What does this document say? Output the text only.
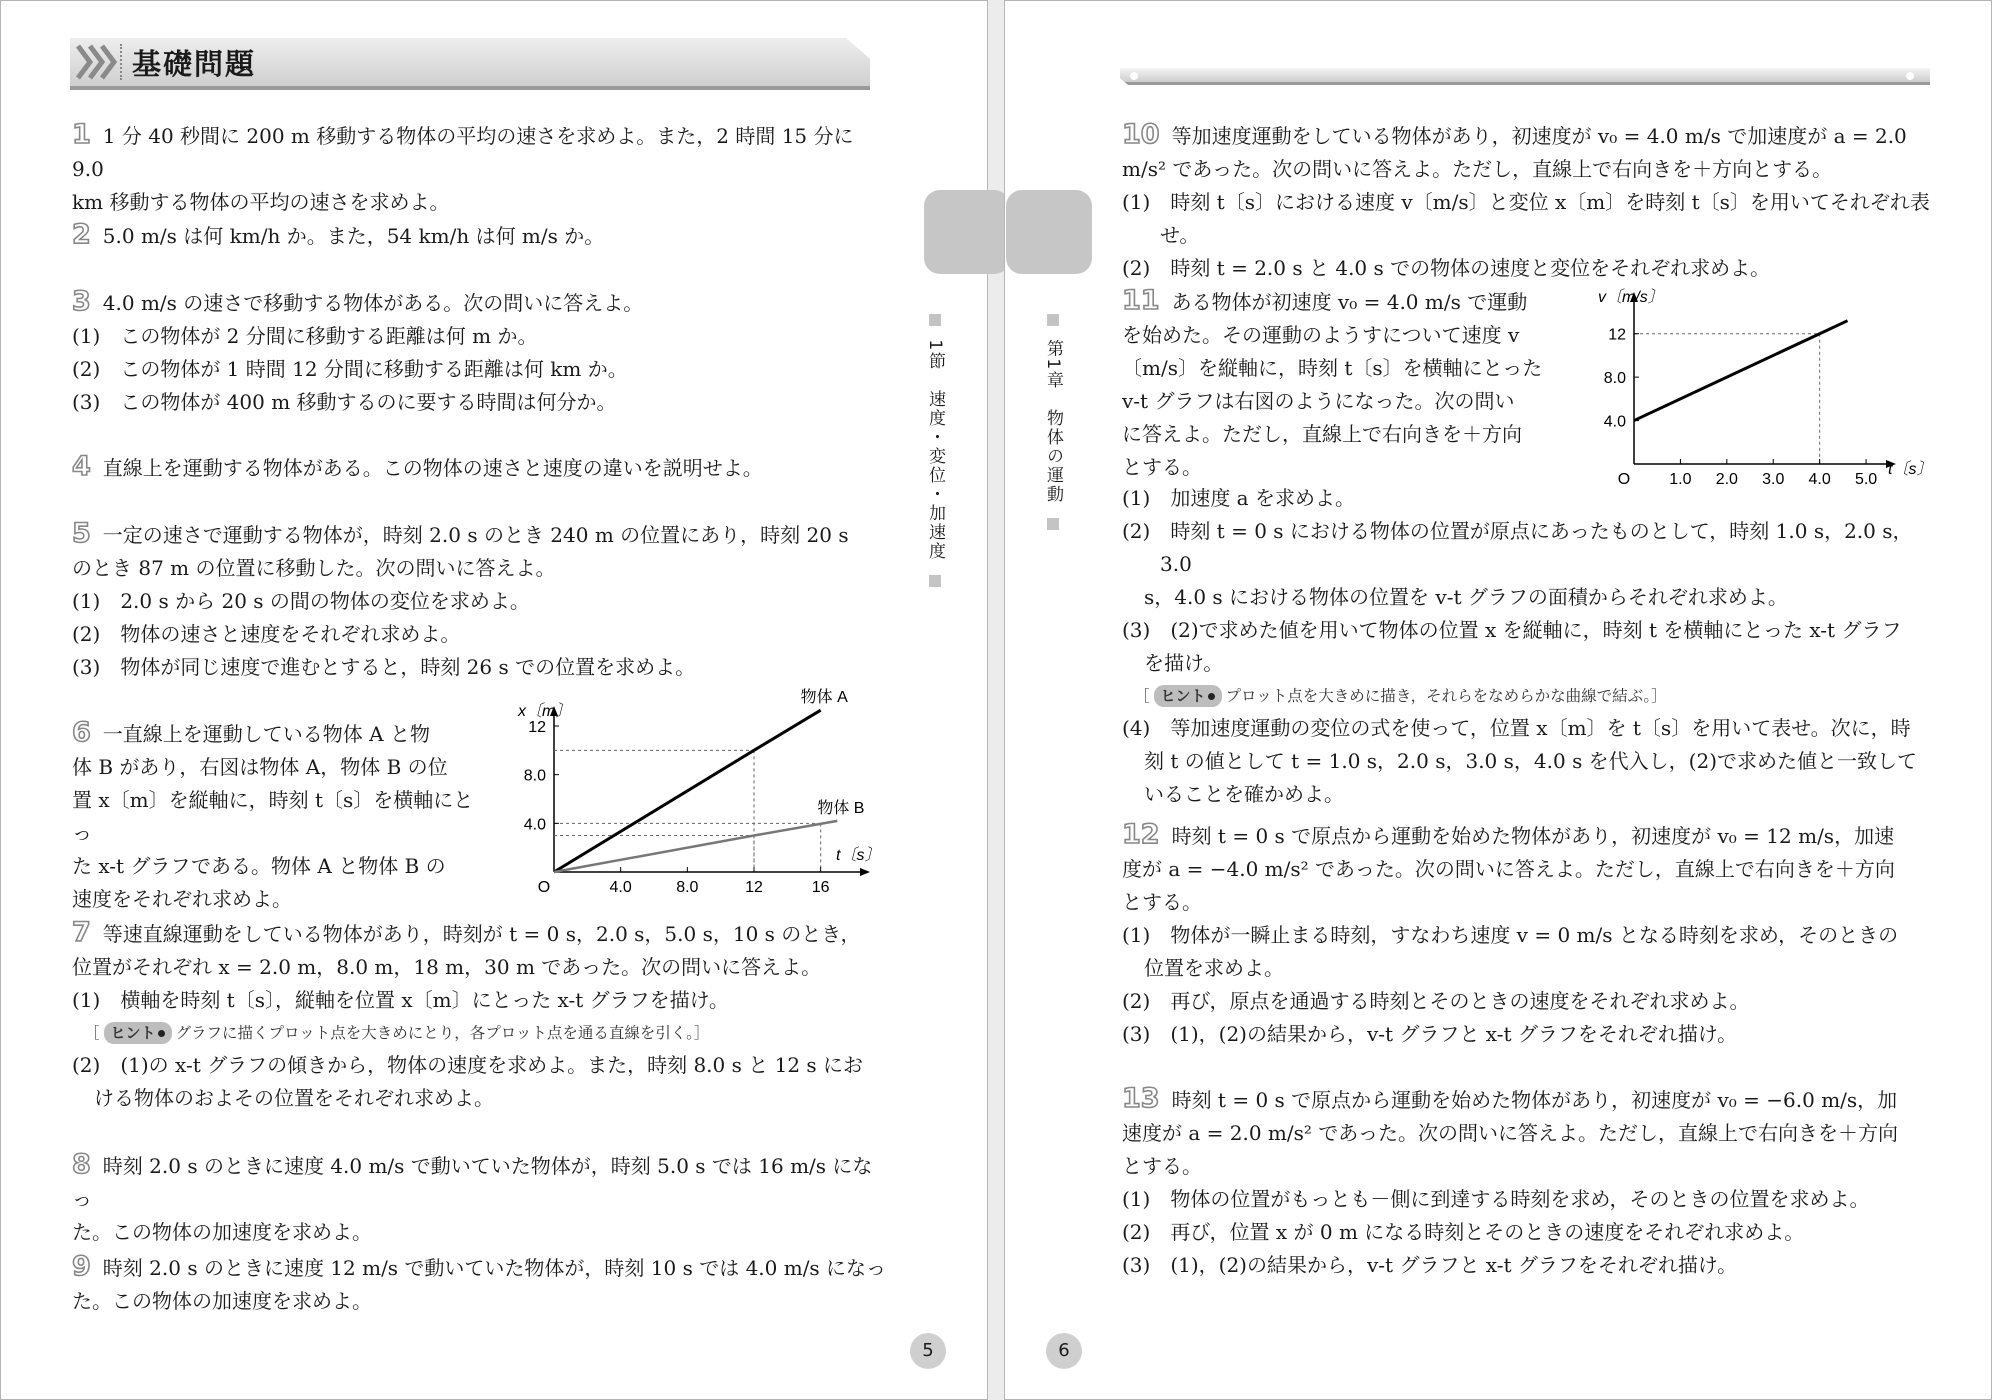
基礎問題
1節　速度・変位・加速度
5

1 1 分 40 秒間に 200 m 移動する物体の平均の速さを求めよ。また，2 時間 15 分に 9.0

km 移動する物体の平均の速さを求めよ。

2 5.0 m/s は何 km/h か。また，54 km/h は何 m/s か。

3 4.0 m/s の速さで移動する物体がある。次の問いに答えよ。

(1)　この物体が 2 分間に移動する距離は何 m か。

(2)　この物体が 1 時間 12 分間に移動する距離は何 km か。

(3)　この物体が 400 m 移動するのに要する時間は何分か。

4 直線上を運動する物体がある。この物体の速さと速度の違いを説明せよ。

5 一定の速さで運動する物体が，時刻 2.0 s のとき 240 m の位置にあり，時刻 20 s

のとき 87 m の位置に移動した。次の問いに答えよ。

(1)　2.0 s から 20 s の間の物体の変位を求めよ。

(2)　物体の速さと速度をそれぞれ求めよ。

(3)　物体が同じ速度で進むとすると，時刻 26 s での位置を求めよ。

6 一直線上を運動している物体 A と物

体 B があり，右図は物体 A，物体 B の位

置 x〔m〕を縦軸に，時刻 t〔s〕を横軸にとっ

た x-t グラフである。物体 A と物体 B の

速度をそれぞれ求めよ。	O	4.0	8.0	12	16
4.0
8.0
12
物体 A
物体 B
x〔m〕
t〔s〕

7 等速直線運動をしている物体があり，時刻が t = 0 s，2.0 s，5.0 s，10 s のとき，

位置がそれぞれ x = 2.0 m，8.0 m，18 m，30 m であった。次の問いに答えよ。

(1)　横軸を時刻 t〔s〕，縦軸を位置 x〔m〕にとった x-t グラフを描け。

［ ヒント グラフに描くプロット点を大きめにとり，各プロット点を通る直線を引く。］

(2)　(1)の x-t グラフの傾きから，物体の速度を求めよ。また，時刻 8.0 s と 12 s にお

ける物体のおよその位置をそれぞれ求めよ。

8 時刻 2.0 s のときに速度 4.0 m/s で動いていた物体が，時刻 5.0 s では 16 m/s になっ

た。この物体の加速度を求めよ。

9 時刻 2.0 s のときに速度 12 m/s で動いていた物体が，時刻 10 s では 4.0 m/s になっ

た。この物体の加速度を求めよ。

第1章　物体の運動
6

10 等加速度運動をしている物体があり，初速度が v₀ = 4.0 m/s で加速度が a = 2.0

m/s² であった。次の問いに答えよ。ただし，直線上で右向きを＋方向とする。

(1)　時刻 t〔s〕における速度 v〔m/s〕と変位 x〔m〕を時刻 t〔s〕を用いてそれぞれ表せ。

(2)　時刻 t = 2.0 s と 4.0 s での物体の速度と変位をそれぞれ求めよ。

11 ある物体が初速度 v₀ = 4.0 m/s で運動

を始めた。その運動のようすについて速度 v

〔m/s〕を縦軸に，時刻 t〔s〕を横軸にとった

v-t グラフは右図のようになった。次の問い

に答えよ。ただし，直線上で右向きを＋方向

とする。

O 1.0 2.0 3.0 4.0 5.0
4.0
8.0
12
v〔m/s〕
t〔s〕

(1)　加速度 a を求めよ。

(2)　時刻 t = 0 s における物体の位置が原点にあったものとして，時刻 1.0 s，2.0 s，3.0

s，4.0 s における物体の位置を v-t グラフの面積からそれぞれ求めよ。

(3)　(2)で求めた値を用いて物体の位置 x を縦軸に，時刻 t を横軸にとった x-t グラフ

を描け。

［ ヒント プロット点を大きめに描き，それらをなめらかな曲線で結ぶ。］

(4)　等加速度運動の変位の式を使って，位置 x〔m〕を t〔s〕を用いて表せ。次に，時

刻 t の値として t = 1.0 s，2.0 s，3.0 s，4.0 s を代入し，(2)で求めた値と一致して

いることを確かめよ。

12 時刻 t = 0 s で原点から運動を始めた物体があり，初速度が v₀ = 12 m/s，加速

度が a = −4.0 m/s² であった。次の問いに答えよ。ただし，直線上で右向きを＋方向

とする。

(1)　物体が一瞬止まる時刻，すなわち速度 v = 0 m/s となる時刻を求め，そのときの

位置を求めよ。

(2)　再び，原点を通過する時刻とそのときの速度をそれぞれ求めよ。

(3)　(1)，(2)の結果から，v-t グラフと x-t グラフをそれぞれ描け。

13 時刻 t = 0 s で原点から運動を始めた物体があり，初速度が v₀ = −6.0 m/s，加

速度が a = 2.0 m/s² であった。次の問いに答えよ。ただし，直線上で右向きを＋方向

とする。

(1)　物体の位置がもっとも－側に到達する時刻を求め，そのときの位置を求めよ。

(2)　再び，位置 x が 0 m になる時刻とそのときの速度をそれぞれ求めよ。

(3)　(1)，(2)の結果から，v-t グラフと x-t グラフをそれぞれ描け。
